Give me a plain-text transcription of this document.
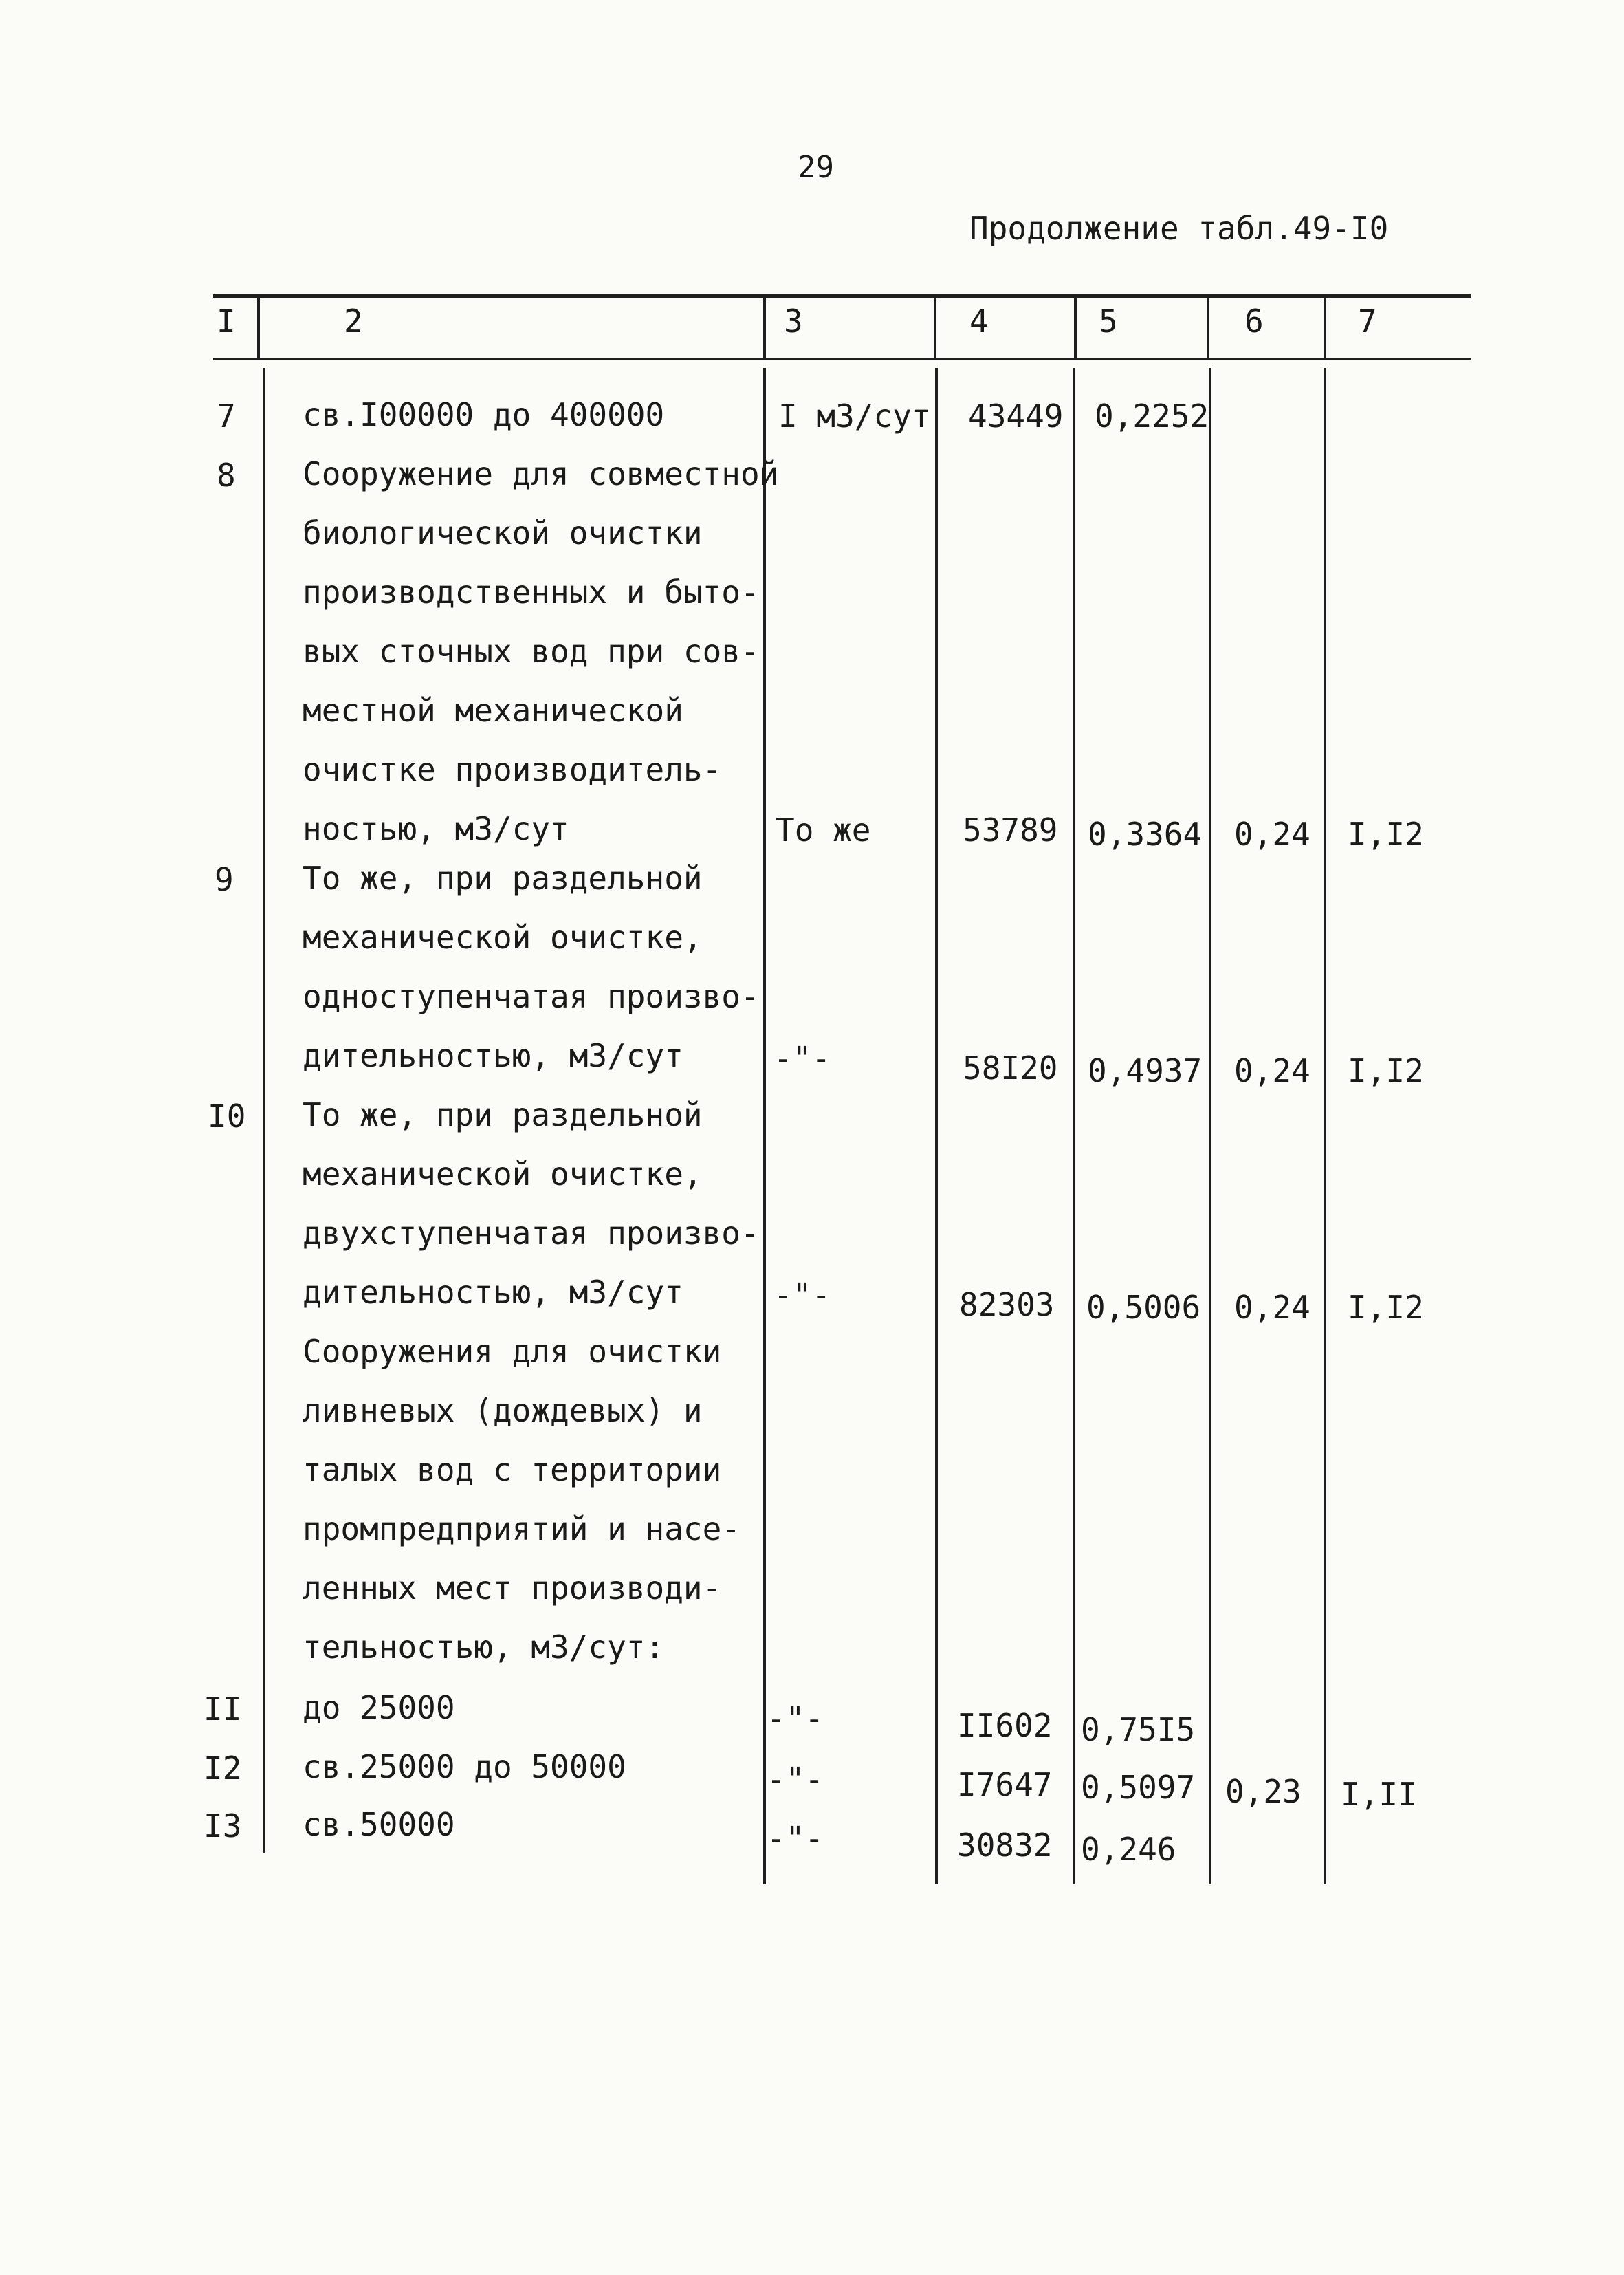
29
Продолжение табл.49-I0
I	2	3	4	5	6	7
7 св.I00000 до 400000	I м3/сут 43449 0,2252
8 Сооружение для совместной
биологической очистки
производственных и быто-
вых сточных вод при сов-
местной механической
очистке производитель-
ностью, м3/сут	То же	53789 0,3364 0,24 I,I2
9 То же, при раздельной
механической очистке,
одноступенчатая произво-
дительностью, м3/сут	-"-	58I20 0,4937 0,24 I,I2
I0 То же, при раздельной
механической очистке,
двухступенчатая произво-
дительностью, м3/сут	-"-	82303 0,5006 0,24 I,I2
Сооружения для очистки
ливневых (дождевых) и
талых вод с территории
промпредприятий и насе-
ленных мест производи-
тельностью, м3/сут:
II до 25000	-"-	II602 0,75I5
I2 св.25000 до 50000	-"-	I7647 0,5097 0,23 I,II
I3 св.50000	-"-	30832 0,246
